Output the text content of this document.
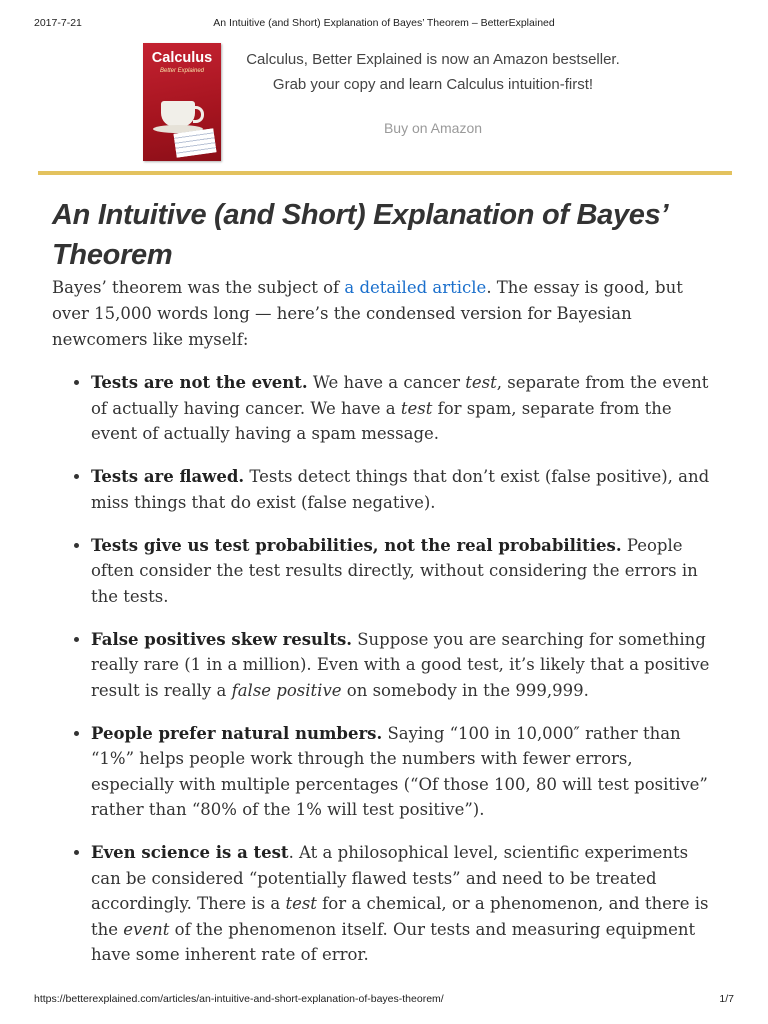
2017-7-21	An Intuitive (and Short) Explanation of Bayes’ Theorem – BetterExplained
Calculus
Better Explained
Calculus, Better Explained is now an Amazon bestseller.
Grab your copy and learn Calculus intuition-first!
Buy on Amazon
An Intuitive (and Short) Explanation of Bayes’ Theorem

Bayes’ theorem was the subject of a detailed article. The essay is good, but over 15,000 words long — here’s the condensed version for Bayesian newcomers like myself:

• Tests are not the event. We have a cancer test, separate from the event of actually having cancer. We have a test for spam, separate from the event of actually having a spam message.
• Tests are flawed. Tests detect things that don’t exist (false positive), and miss things that do exist (false negative).
• Tests give us test probabilities, not the real probabilities. People often consider the test results directly, without considering the errors in the tests.
• False positives skew results. Suppose you are searching for something really rare (1 in a million). Even with a good test, it’s likely that a positive result is really a false positive on somebody in the 999,999.
• People prefer natural numbers. Saying “100 in 10,000″ rather than “1%” helps people work through the numbers with fewer errors, especially with multiple percentages (“Of those 100, 80 will test positive” rather than “80% of the 1% will test positive”).
• Even science is a test. At a philosophical level, scientific experiments can be considered “potentially flawed tests” and need to be treated accordingly. There is a test for a chemical, or a phenomenon, and there is the event of the phenomenon itself. Our tests and measuring equipment have some inherent rate of error.
https://betterexplained.com/articles/an-intuitive-and-short-explanation-of-bayes-theorem/	1/7
